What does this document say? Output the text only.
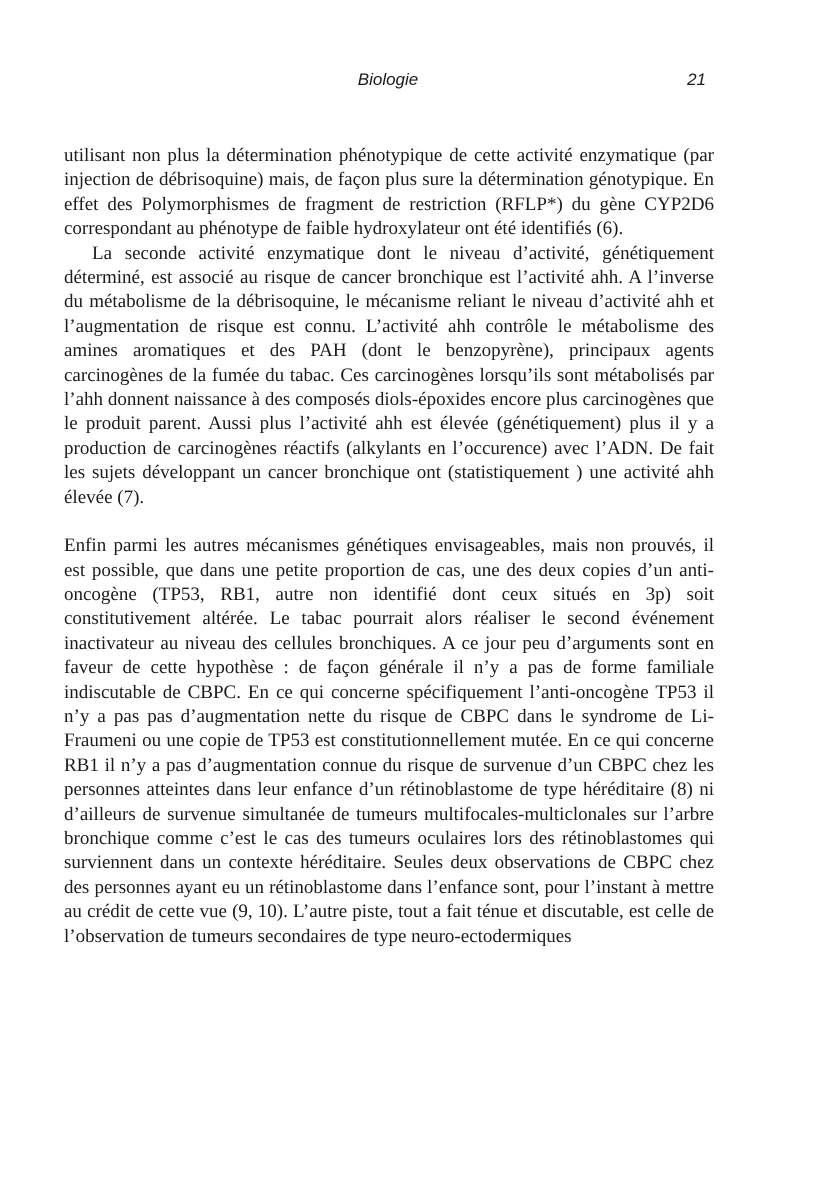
Biologie	21

utilisant non plus la détermination phénotypique de cette activité enzymatique (par injection de débrisoquine) mais, de façon plus sure la détermination génotypique. En effet des Polymorphismes de fragment de restriction (RFLP*) du gène CYP2D6 correspondant au phénotype de faible hydroxylateur ont été identifiés (6).

La seconde activité enzymatique dont le niveau d’activité, génétiquement déterminé, est associé au risque de cancer bronchique est l’activité ahh. A l’inverse du métabolisme de la débrisoquine, le mécanisme reliant le niveau d’activité ahh et l’augmentation de risque est connu. L’activité ahh contrôle le métabolisme des amines aromatiques et des PAH (dont le benzopyrène), principaux agents carcinogènes de la fumée du tabac. Ces carcinogènes lorsqu’ils sont métabolisés par l’ahh donnent naissance à des composés diols-époxides encore plus carcinogènes que le produit parent. Aussi plus l’activité ahh est élevée (génétiquement) plus il y a production de carcinogènes réactifs (alkylants en l’occurence) avec l’ADN. De fait les sujets développant un cancer bronchique ont (statistiquement ) une activité ahh élevée (7).

Enfin parmi les autres mécanismes génétiques envisageables, mais non prouvés, il est possible, que dans une petite proportion de cas, une des deux copies d’un anti-oncogène (TP53, RB1, autre non identifié dont ceux situés en 3p) soit constitutivement altérée. Le tabac pourrait alors réaliser le second événement inactivateur au niveau des cellules bronchiques. A ce jour peu d’arguments sont en faveur de cette hypothèse : de façon générale il n’y a pas de forme familiale indiscutable de CBPC. En ce qui concerne spécifiquement l’anti-oncogène TP53 il n’y a pas pas d’augmentation nette du risque de CBPC dans le syndrome de Li-Fraumeni ou une copie de TP53 est constitutionnellement mutée. En ce qui concerne RB1 il n’y a pas d’augmentation connue du risque de survenue d’un CBPC chez les personnes atteintes dans leur enfance d’un rétinoblastome de type héréditaire (8) ni d’ailleurs de survenue simultanée de tumeurs multifocales-multiclonales sur l’arbre bronchique comme c’est le cas des tumeurs oculaires lors des rétinoblastomes qui surviennent dans un contexte héréditaire. Seules deux observations de CBPC chez des personnes ayant eu un rétinoblastome dans l’enfance sont, pour l’instant à mettre au crédit de cette vue (9, 10). L’autre piste, tout a fait ténue et discutable, est celle de l’observation de tumeurs secondaires de type neuro-ectodermiques
